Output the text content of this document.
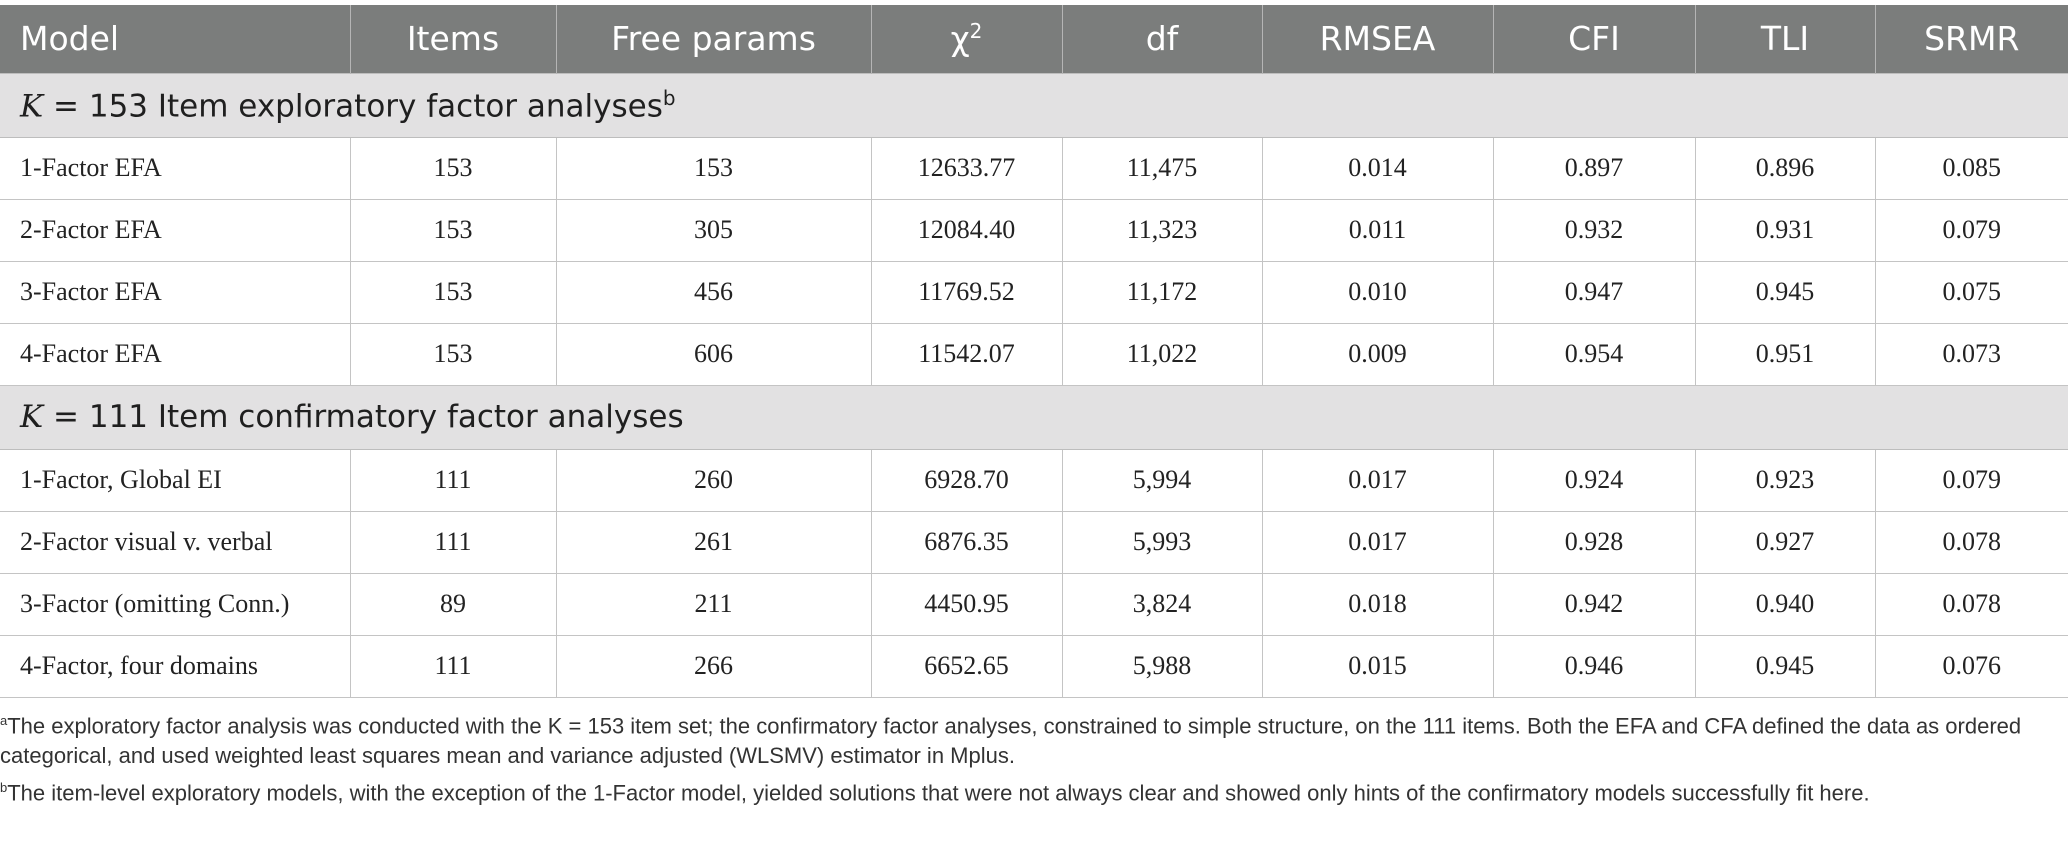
Model	Items	Free params	$\chi^2$	df	RMSEA	CFI	TLI	SRMR
K = 153 Item exploratory factor analyses$^b$
1-Factor EFA	153	153	12633.77	11,475	0.014	0.897	0.896	0.085
2-Factor EFA	153	305	12084.40	11,323	0.011	0.932	0.931	0.079
3-Factor EFA	153	456	11769.52	11,172	0.010	0.947	0.945	0.075
4-Factor EFA	153	606	11542.07	11,022	0.009	0.954	0.951	0.073
K = 111 Item confirmatory factor analyses								
1-Factor, Global EI	111	260	6928.70	5,994	0.017	0.924	0.923	0.079
2-Factor visual v. verbal	111	261	6876.35	5,993	0.017	0.928	0.927	0.078
3-Factor (omitting Conn.)	89	211	4450.95	3,824	0.018	0.942	0.940	0.078
4-Factor, four domains	111	266	6652.65	5,988	0.015	0.946	0.945	0.076

$^a$The exploratory factor analysis was conducted with the K = 153 item set; the confirmatory factor analyses, constrained to simple structure, on the 111 items. Both the EFA and CFA defined the data as ordered categorical, and used weighted least squares mean and variance adjusted (WLSMV) estimator in Mplus.

$^b$The item-level exploratory models, with the exception of the 1-Factor model, yielded solutions that were not always clear and showed only hints of the confirmatory models successfully fit here.
